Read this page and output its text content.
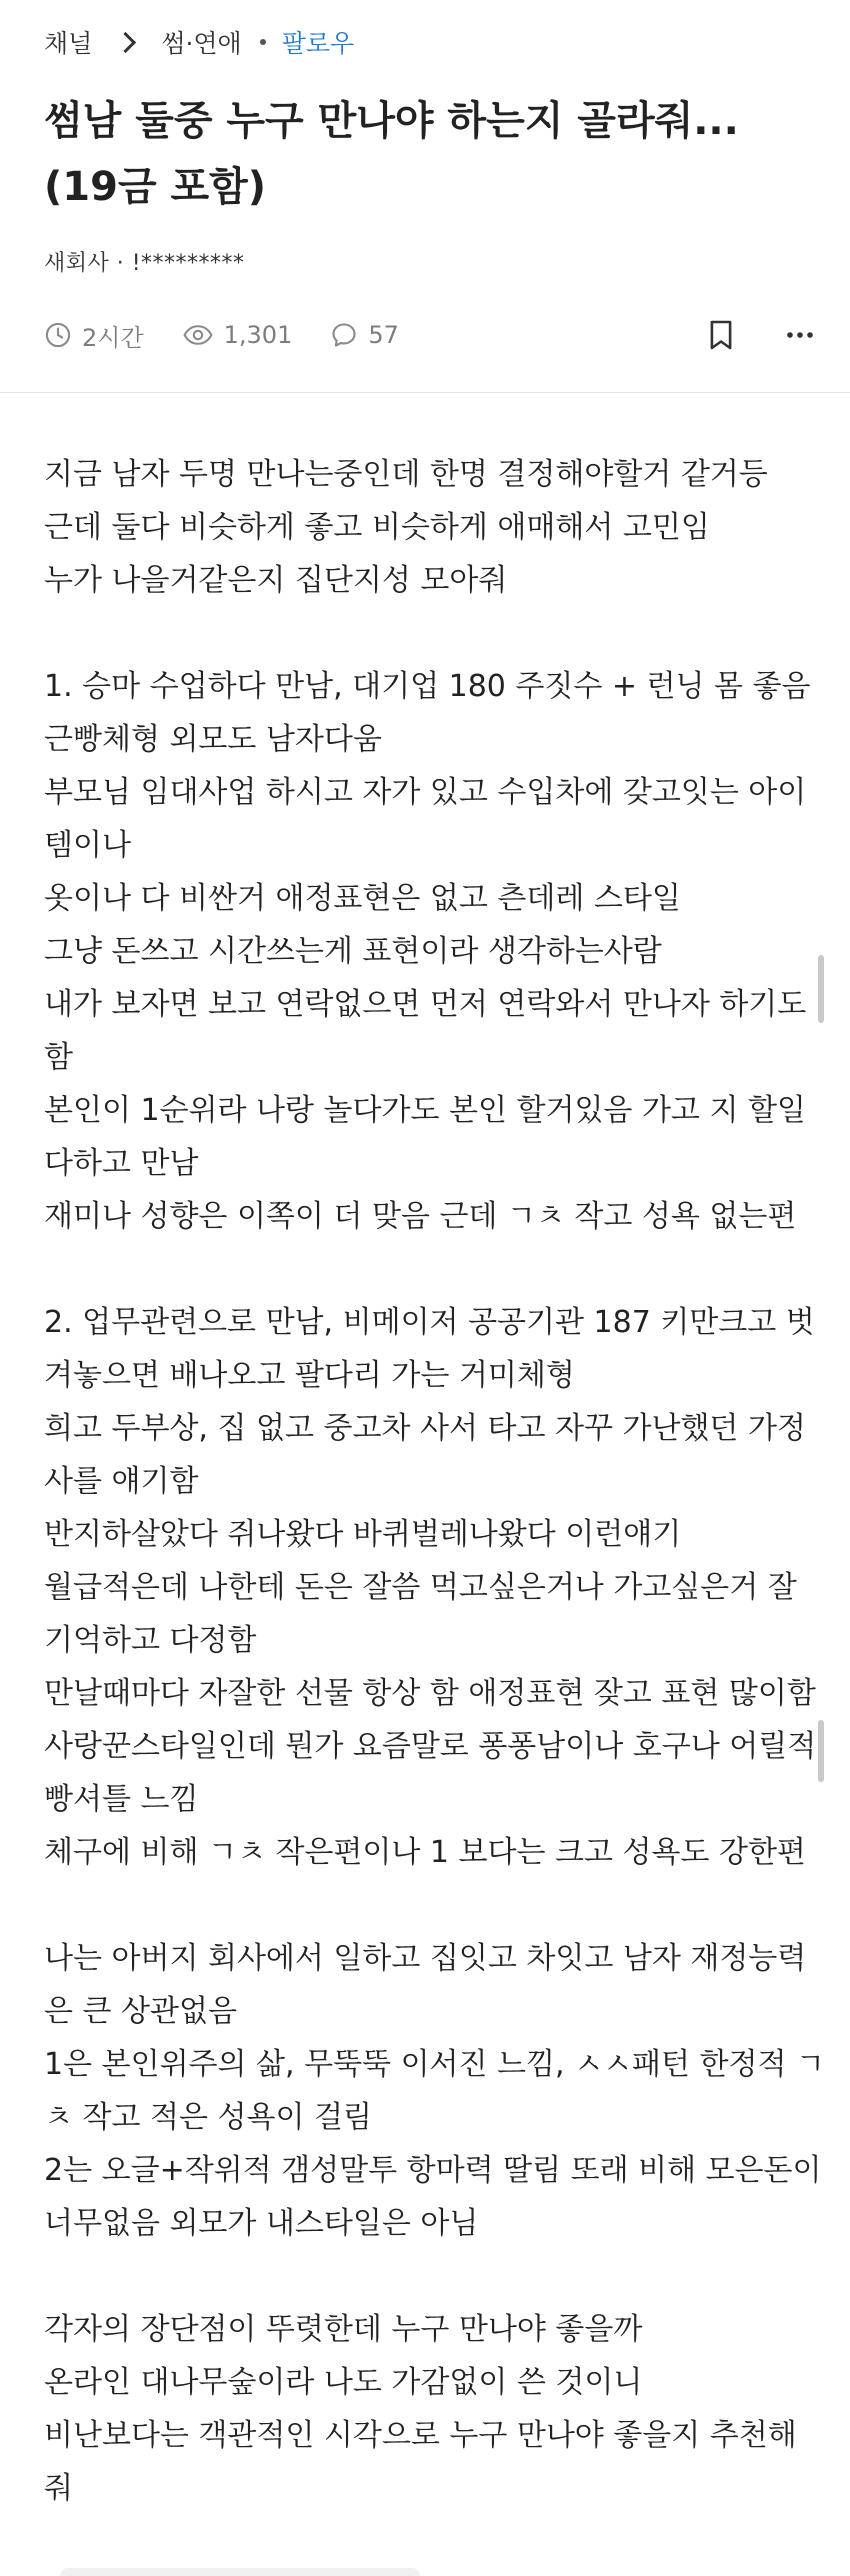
채널	썸·연애 팔로우
썸남 둘중 누구 만나야 하는지 골라줘... (19금 포함)
새회사 · !*********
2시간	1,301	57
지금 남자 두명 만나는중인데 한명 결정해야할거 같거등
근데 둘다 비슷하게 좋고 비슷하게 애매해서 고민임
누가 나을거같은지 집단지성 모아줘
1. 승마 수업하다 만남, 대기업 180 주짓수 + 런닝 몸 좋음
근빵체형 외모도 남자다움
부모님 임대사업 하시고 자가 있고 수입차에 갖고잇는 아이
템이나
옷이나 다 비싼거 애정표현은 없고 츤데레 스타일
그냥 돈쓰고 시간쓰는게 표현이라 생각하는사람
내가 보자면 보고 연락없으면 먼저 연락와서 만나자 하기도
함
본인이 1순위라 나랑 놀다가도 본인 할거있음 가고 지 할일
다하고 만남
재미나 성향은 이쪽이 더 맞음 근데 ㄱㅊ 작고 성욕 없는편
2. 업무관련으로 만남, 비메이저 공공기관 187 키만크고 벗
겨놓으면 배나오고 팔다리 가는 거미체형
희고 두부상, 집 없고 중고차 사서 타고 자꾸 가난했던 가정
사를 얘기함
반지하살았다 쥐나왔다 바퀴벌레나왔다 이런얘기
월급적은데 나한테 돈은 잘씀 먹고싶은거나 가고싶은거 잘
기억하고 다정함
만날때마다 자잘한 선물 항상 함 애정표현 잦고 표현 많이함
사랑꾼스타일인데 뭔가 요즘말로 퐁퐁남이나 호구나 어릴적
빵셔틀 느낌
체구에 비해 ㄱㅊ 작은편이나 1 보다는 크고 성욕도 강한편
나는 아버지 회사에서 일하고 집잇고 차잇고 남자 재정능력
은 큰 상관없음
1은 본인위주의 삶, 무뚝뚝 이서진 느낌, ㅅㅅ패턴 한정적 ㄱ
ㅊ 작고 적은 성욕이 걸림
2는 오글+작위적 갬성말투 항마력 딸림 또래 비해 모은돈이
너무없음 외모가 내스타일은 아님
각자의 장단점이 뚜렷한데 누구 만나야 좋을까
온라인 대나무숲이라 나도 가감없이 쓴 것이니
비난보다는 객관적인 시각으로 누구 만나야 좋을지 추천해
줘
